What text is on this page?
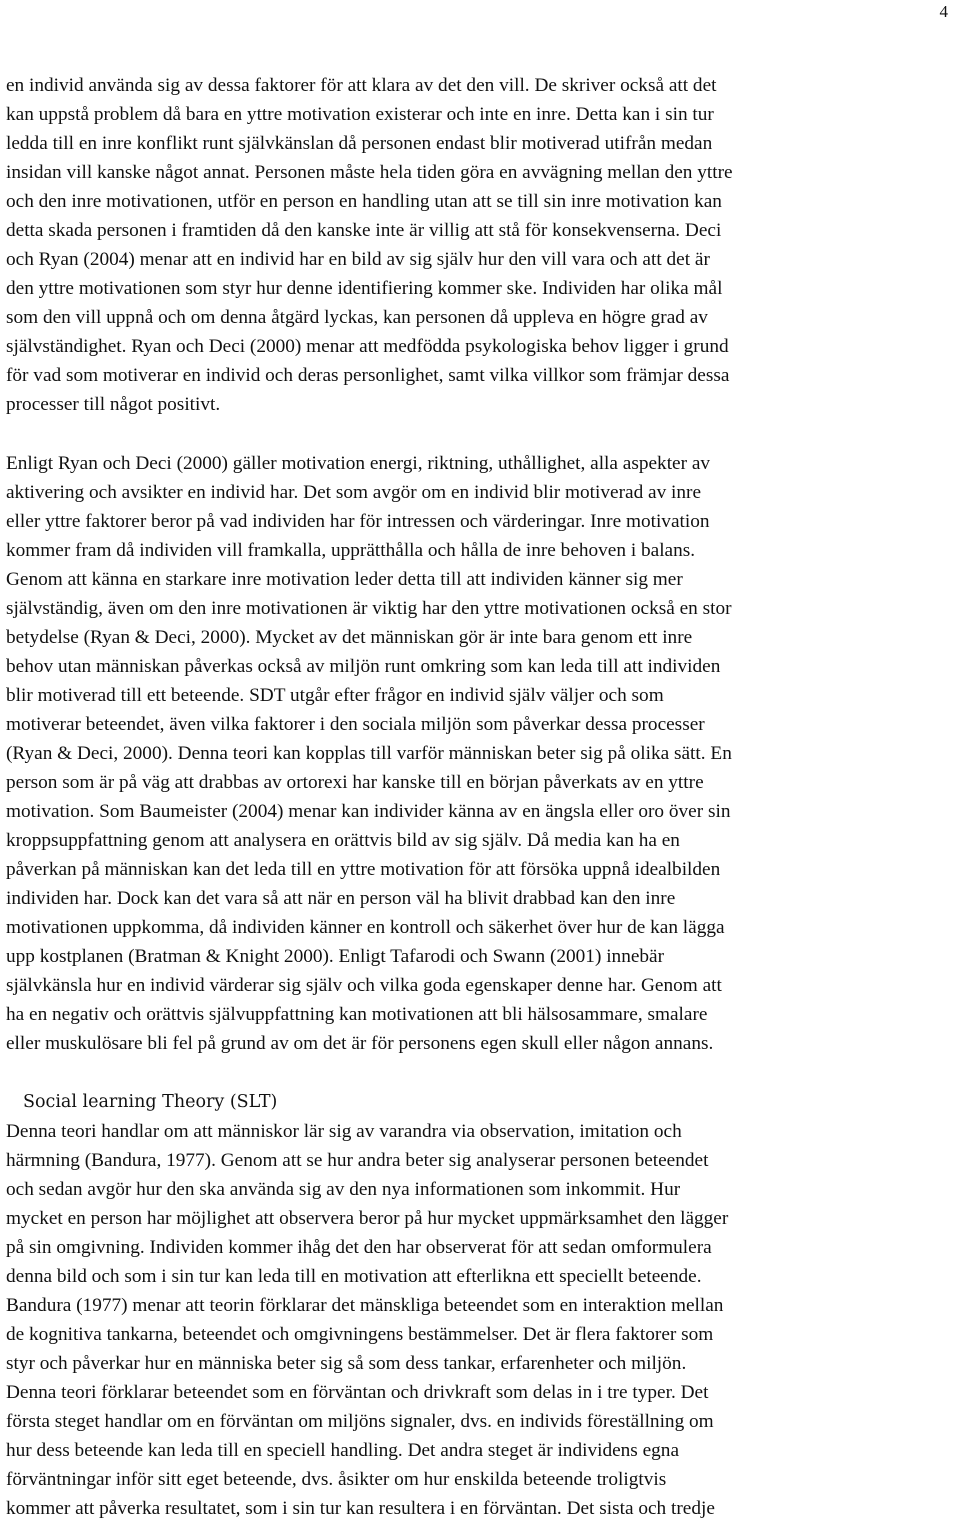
4
en individ använda sig av dessa faktorer för att klara av det den vill. De skriver också att det
kan uppstå problem då bara en yttre motivation existerar och inte en inre. Detta kan i sin tur
ledda till en inre konflikt runt självkänslan då personen endast blir motiverad utifrån medan
insidan vill kanske något annat. Personen måste hela tiden göra en avvägning mellan den yttre
och den inre motivationen, utför en person en handling utan att se till sin inre motivation kan
detta skada personen i framtiden då den kanske inte är villig att stå för konsekvenserna. Deci
och Ryan (2004) menar att en individ har en bild av sig själv hur den vill vara och att det är
den yttre motivationen som styr hur denne identifiering kommer ske. Individen har olika mål
som den vill uppnå och om denna åtgärd lyckas, kan personen då uppleva en högre grad av
självständighet. Ryan och Deci (2000) menar att medfödda psykologiska behov ligger i grund
för vad som motiverar en individ och deras personlighet, samt vilka villkor som främjar dessa
processer till något positivt.
Enligt Ryan och Deci (2000) gäller motivation energi, riktning, uthållighet, alla aspekter av
aktivering och avsikter en individ har. Det som avgör om en individ blir motiverad av inre
eller yttre faktorer beror på vad individen har för intressen och värderingar. Inre motivation
kommer fram då individen vill framkalla, upprätthålla och hålla de inre behoven i balans.
Genom att känna en starkare inre motivation leder detta till att individen känner sig mer
självständig, även om den inre motivationen är viktig har den yttre motivationen också en stor
betydelse (Ryan & Deci, 2000). Mycket av det människan gör är inte bara genom ett inre
behov utan människan påverkas också av miljön runt omkring som kan leda till att individen
blir motiverad till ett beteende. SDT utgår efter frågor en individ själv väljer och som
motiverar beteendet, även vilka faktorer i den sociala miljön som påverkar dessa processer
(Ryan & Deci, 2000). Denna teori kan kopplas till varför människan beter sig på olika sätt. En
person som är på väg att drabbas av ortorexi har kanske till en början påverkats av en yttre
motivation. Som Baumeister (2004) menar kan individer känna av en ängsla eller oro över sin
kroppsuppfattning genom att analysera en orättvis bild av sig själv. Då media kan ha en
påverkan på människan kan det leda till en yttre motivation för att försöka uppnå idealbilden
individen har. Dock kan det vara så att när en person väl ha blivit drabbad kan den inre
motivationen uppkomma, då individen känner en kontroll och säkerhet över hur de kan lägga
upp kostplanen (Bratman & Knight 2000). Enligt Tafarodi och Swann (2001) innebär
självkänsla hur en individ värderar sig själv och vilka goda egenskaper denne har. Genom att
ha en negativ och orättvis självuppfattning kan motivationen att bli hälsosammare, smalare
eller muskulösare bli fel på grund av om det är för personens egen skull eller någon annans.
Social learning Theory (SLT)
Denna teori handlar om att människor lär sig av varandra via observation, imitation och
härmning (Bandura, 1977). Genom att se hur andra beter sig analyserar personen beteendet
och sedan avgör hur den ska använda sig av den nya informationen som inkommit. Hur
mycket en person har möjlighet att observera beror på hur mycket uppmärksamhet den lägger
på sin omgivning. Individen kommer ihåg det den har observerat för att sedan omformulera
denna bild och som i sin tur kan leda till en motivation att efterlikna ett speciellt beteende.
Bandura (1977) menar att teorin förklarar det mänskliga beteendet som en interaktion mellan
de kognitiva tankarna, beteendet och omgivningens bestämmelser. Det är flera faktorer som
styr och påverkar hur en människa beter sig så som dess tankar, erfarenheter och miljön.
Denna teori förklarar beteendet som en förväntan och drivkraft som delas in i tre typer. Det
första steget handlar om en förväntan om miljöns signaler, dvs. en individs föreställning om
hur dess beteende kan leda till en speciell handling. Det andra steget är individens egna
förväntningar inför sitt eget beteende, dvs. åsikter om hur enskilda beteende troligtvis
kommer att påverka resultatet, som i sin tur kan resultera i en förväntan. Det sista och tredje
